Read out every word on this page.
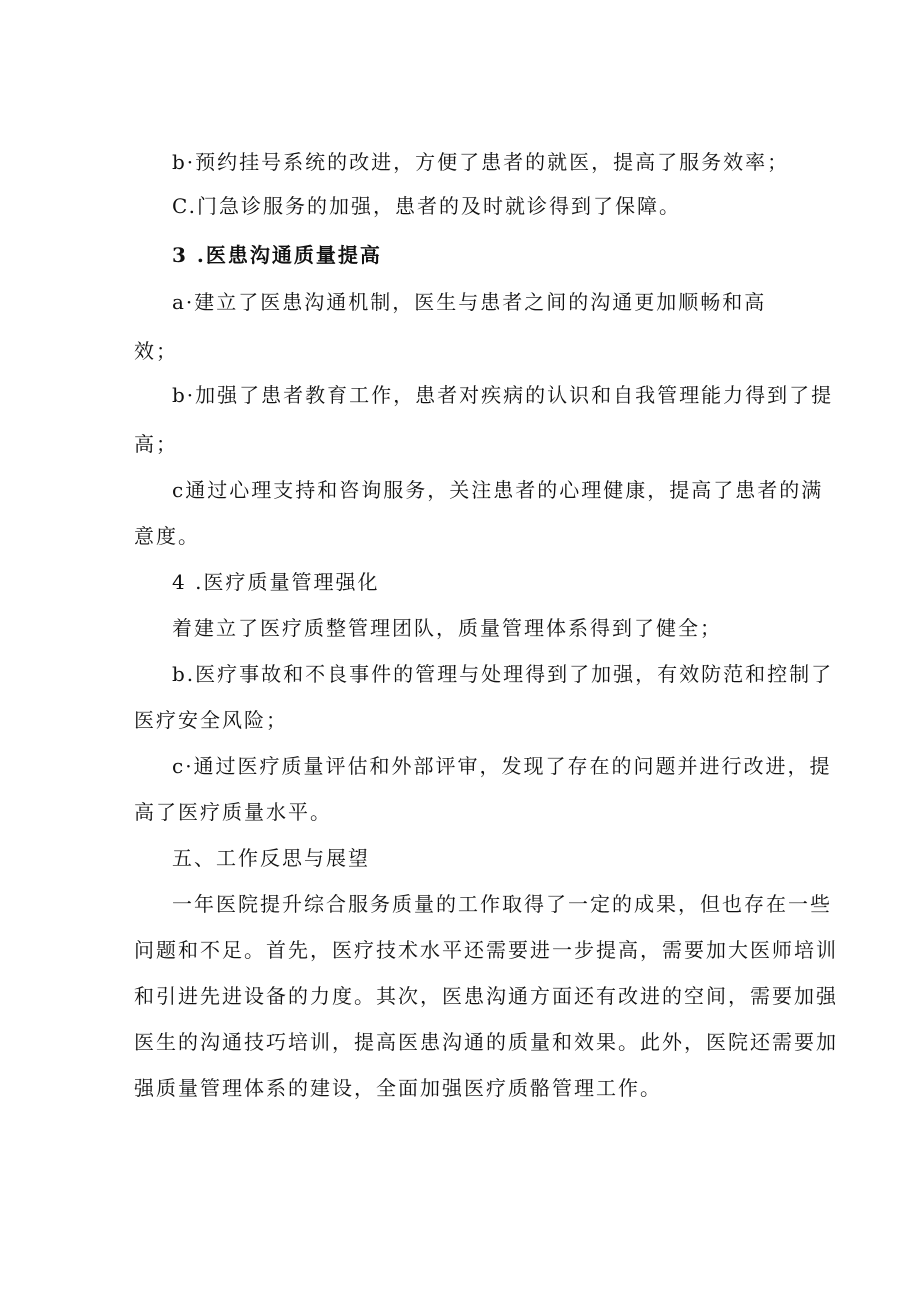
b·预约挂号系统的改进，方便了患者的就医，提高了服务效率；
C.门急诊服务的加强，患者的及时就诊得到了保障。
3 .医患沟通质量提高
a·建立了医患沟通机制，医生与患者之间的沟通更加顺畅和高
效；
b·加强了患者教育工作，患者对疾病的认识和自我管理能力得到了提
高；
c通过心理支持和咨询服务，关注患者的心理健康，提高了患者的满
意度。
4 .医疗质量管理强化
着建立了医疗质整管理团队，质量管理体系得到了健全；
b.医疗事故和不良事件的管理与处理得到了加强，有效防范和控制了
医疗安全风险；
c·通过医疗质量评估和外部评审，发现了存在的问题并进行改进，提
高了医疗质量水平。
五、工作反思与展望
一年医院提升综合服务质量的工作取得了一定的成果，但也存在一些
问题和不足。首先，医疗技术水平还需要进一步提高，需要加大医师培训
和引进先进设备的力度。其次，医患沟通方面还有改进的空间，需要加强
医生的沟通技巧培训，提高医患沟通的质量和效果。此外，医院还需要加
强质量管理体系的建设，全面加强医疗质骼管理工作。
